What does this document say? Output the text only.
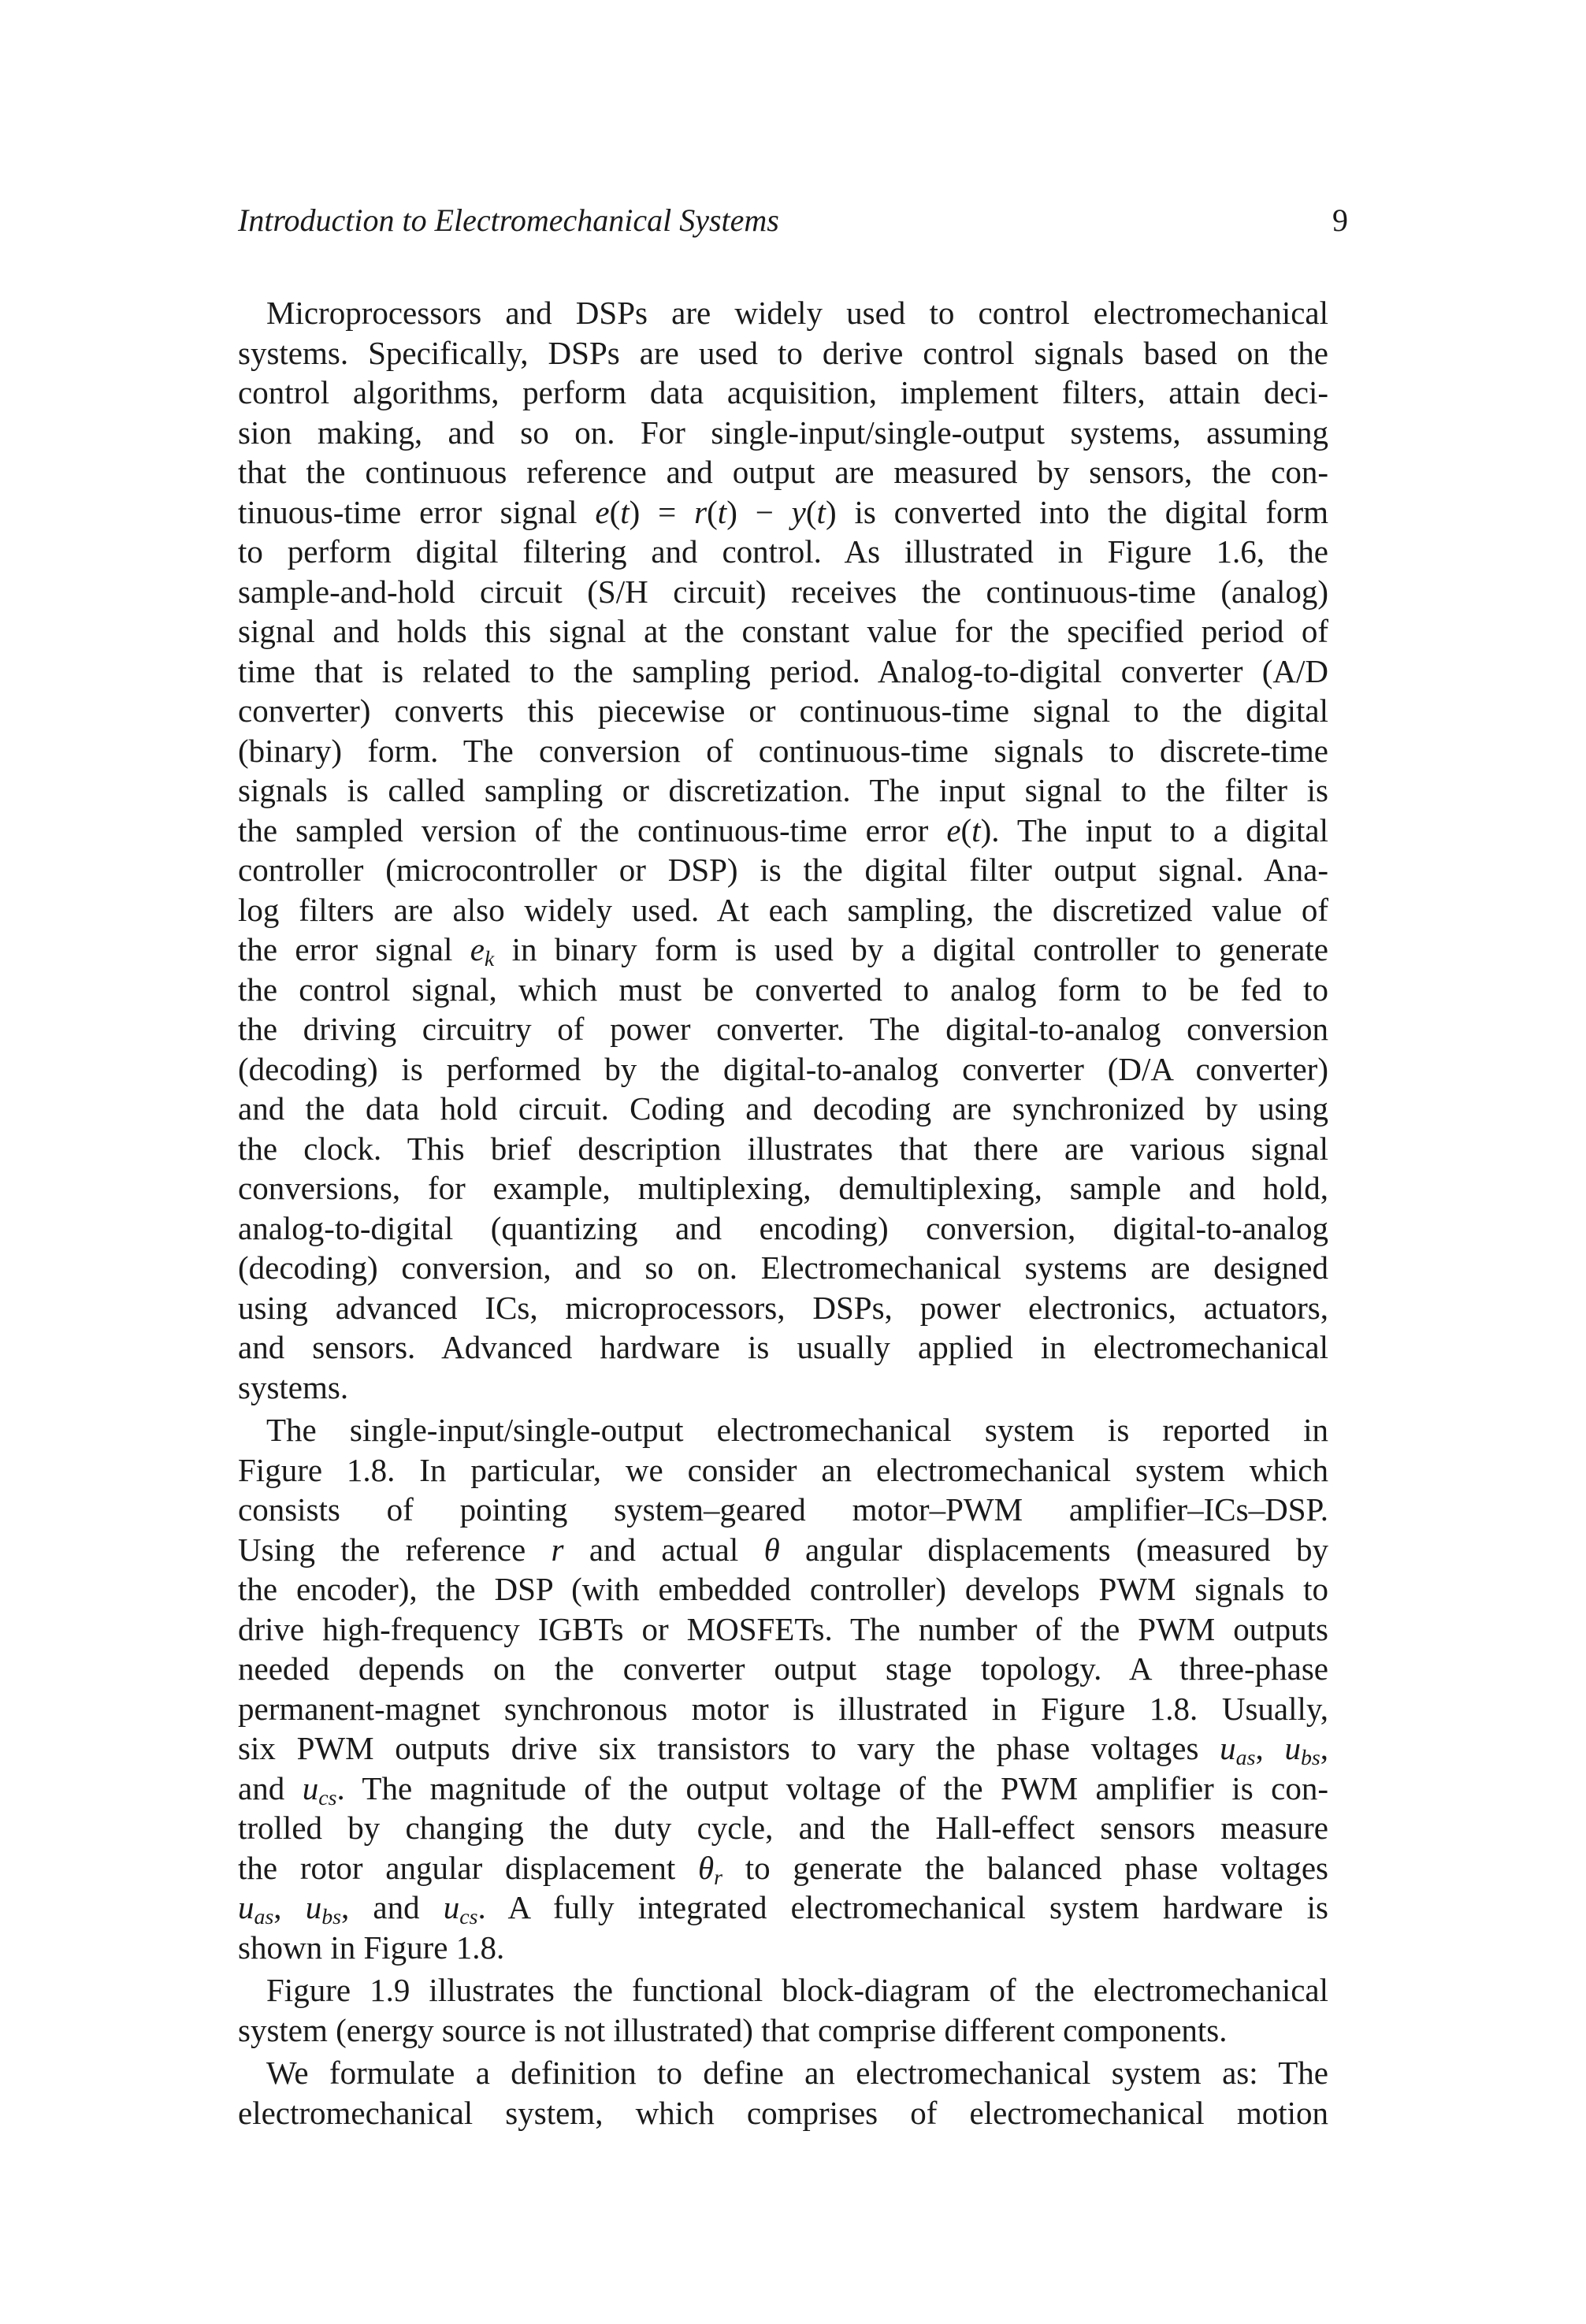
Introduction to Electromechanical Systems	9
Microprocessors and DSPs are widely used to control electromechanical
systems. Specifically, DSPs are used to derive control signals based on the
control algorithms, perform data acquisition, implement filters, attain deci-
sion making, and so on. For single-input/single-output systems, assuming
that the continuous reference and output are measured by sensors, the con-
tinuous-time error signal e(t) = r(t) − y(t) is converted into the digital form
to perform digital filtering and control. As illustrated in Figure 1.6, the
sample-and-hold circuit (S/H circuit) receives the continuous-time (analog)
signal and holds this signal at the constant value for the specified period of
time that is related to the sampling period. Analog-to-digital converter (A/D
converter) converts this piecewise or continuous-time signal to the digital
(binary) form. The conversion of continuous-time signals to discrete-time
signals is called sampling or discretization. The input signal to the filter is
the sampled version of the continuous-time error e(t). The input to a digital
controller (microcontroller or DSP) is the digital filter output signal. Ana-
log filters are also widely used. At each sampling, the discretized value of
the error signal $e_k$ in binary form is used by a digital controller to generate
the control signal, which must be converted to analog form to be fed to
the driving circuitry of power converter. The digital-to-analog conversion
(decoding) is performed by the digital-to-analog converter (D/A converter)
and the data hold circuit. Coding and decoding are synchronized by using
the clock. This brief description illustrates that there are various signal
conversions, for example, multiplexing, demultiplexing, sample and hold,
analog-to-digital (quantizing and encoding) conversion, digital-to-analog
(decoding) conversion, and so on. Electromechanical systems are designed
using advanced ICs, microprocessors, DSPs, power electronics, actuators,
and sensors. Advanced hardware is usually applied in electromechanical
systems.
The single-input/single-output electromechanical system is reported in
Figure 1.8. In particular, we consider an electromechanical system which
consists of pointing system–geared motor–PWM amplifier–ICs–DSP.
Using the reference r and actual θ angular displacements (measured by
the encoder), the DSP (with embedded controller) develops PWM signals to
drive high-frequency IGBTs or MOSFETs. The number of the PWM outputs
needed depends on the converter output stage topology. A three-phase
permanent-magnet synchronous motor is illustrated in Figure 1.8. Usually,
six PWM outputs drive six transistors to vary the phase voltages $u_{as}$, $u_{bs}$,
and $u_{cs}$. The magnitude of the output voltage of the PWM amplifier is con-
trolled by changing the duty cycle, and the Hall-effect sensors measure
the rotor angular displacement $\theta_r$ to generate the balanced phase voltages
$u_{as}$, $u_{bs}$, and $u_{cs}$. A fully integrated electromechanical system hardware is
shown in Figure 1.8.
Figure 1.9 illustrates the functional block-diagram of the electromechanical
system (energy source is not illustrated) that comprise different components.
We formulate a definition to define an electromechanical system as: The
electromechanical system, which comprises of electromechanical motion
